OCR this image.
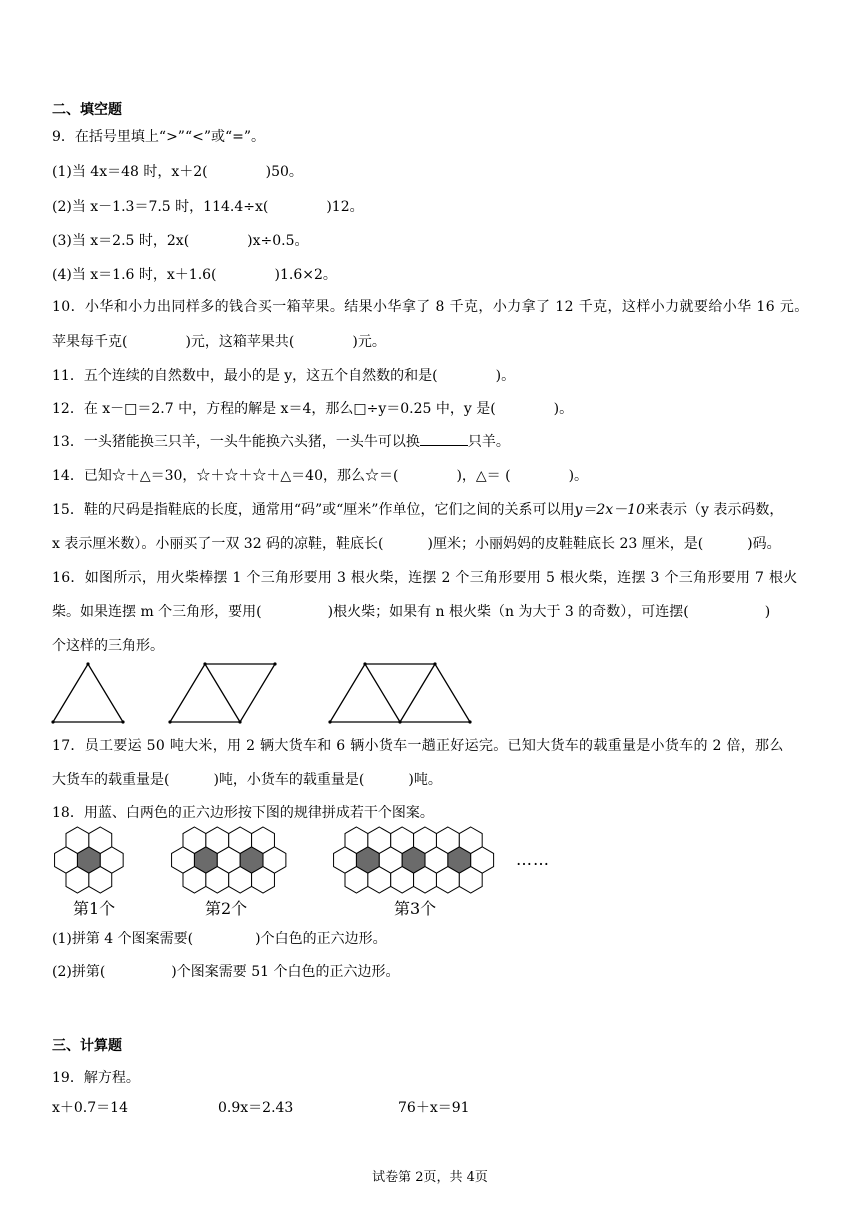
二、填空题
9．在括号里填上“>”“<”或“=”。
(1)当 4x＝48 时，x＋2(	)50。
(2)当 x－1.3＝7.5 时，114.4÷x(	)12。
(3)当 x＝2.5 时，2x(	)x÷0.5。
(4)当 x＝1.6 时，x＋1.6(	)1.6×2。
10．小华和小力出同样多的钱合买一箱苹果。结果小华拿了 8 千克，小力拿了 12 千克，这样小力就要给小华 16 元。
苹果每千克(	)元，这箱苹果共(	)元。
11．五个连续的自然数中，最小的是 y，这五个自然数的和是(	)。
12．在 x－□＝2.7 中，方程的解是 x＝4，那么□÷y＝0.25 中，y 是(	)。
13．一头猪能换三只羊，一头牛能换六头猪，一头牛可以换	只羊。
14．已知☆＋△＝30，☆＋☆＋☆＋△＝40，那么☆＝(	)，△＝ (	)。
15．鞋的尺码是指鞋底的长度，通常用“码”或“厘米”作单位，它们之间的关系可以用y＝2x－10来表示（y 表示码数，
x 表示厘米数）。小丽买了一双 32 码的凉鞋，鞋底长(	)厘米；小丽妈妈的皮鞋鞋底长 23 厘米，是(	)码。
16．如图所示，用火柴棒摆 1 个三角形要用 3 根火柴，连摆 2 个三角形要用 5 根火柴，连摆 3 个三角形要用 7 根火
柴。如果连摆 m 个三角形，要用(	)根火柴；如果有 n 根火柴（n 为大于 3 的奇数），可连摆(	)
个这样的三角形。
17．员工要运 50 吨大米，用 2 辆大货车和 6 辆小货车一趟正好运完。已知大货车的载重量是小货车的 2 倍，那么
大货车的载重量是(	)吨，小货车的载重量是(	)吨。
18．用蓝、白两色的正六边形按下图的规律拼成若干个图案。
第1个	第2个	第3个
……
(1)拼第 4 个图案需要(	)个白色的正六边形。
(2)拼第(	)个图案需要 51 个白色的正六边形。
三、计算题
19．解方程。
x＋0.7＝14	0.9x＝2.43	76＋x＝91
试卷第 2页，共 4页
